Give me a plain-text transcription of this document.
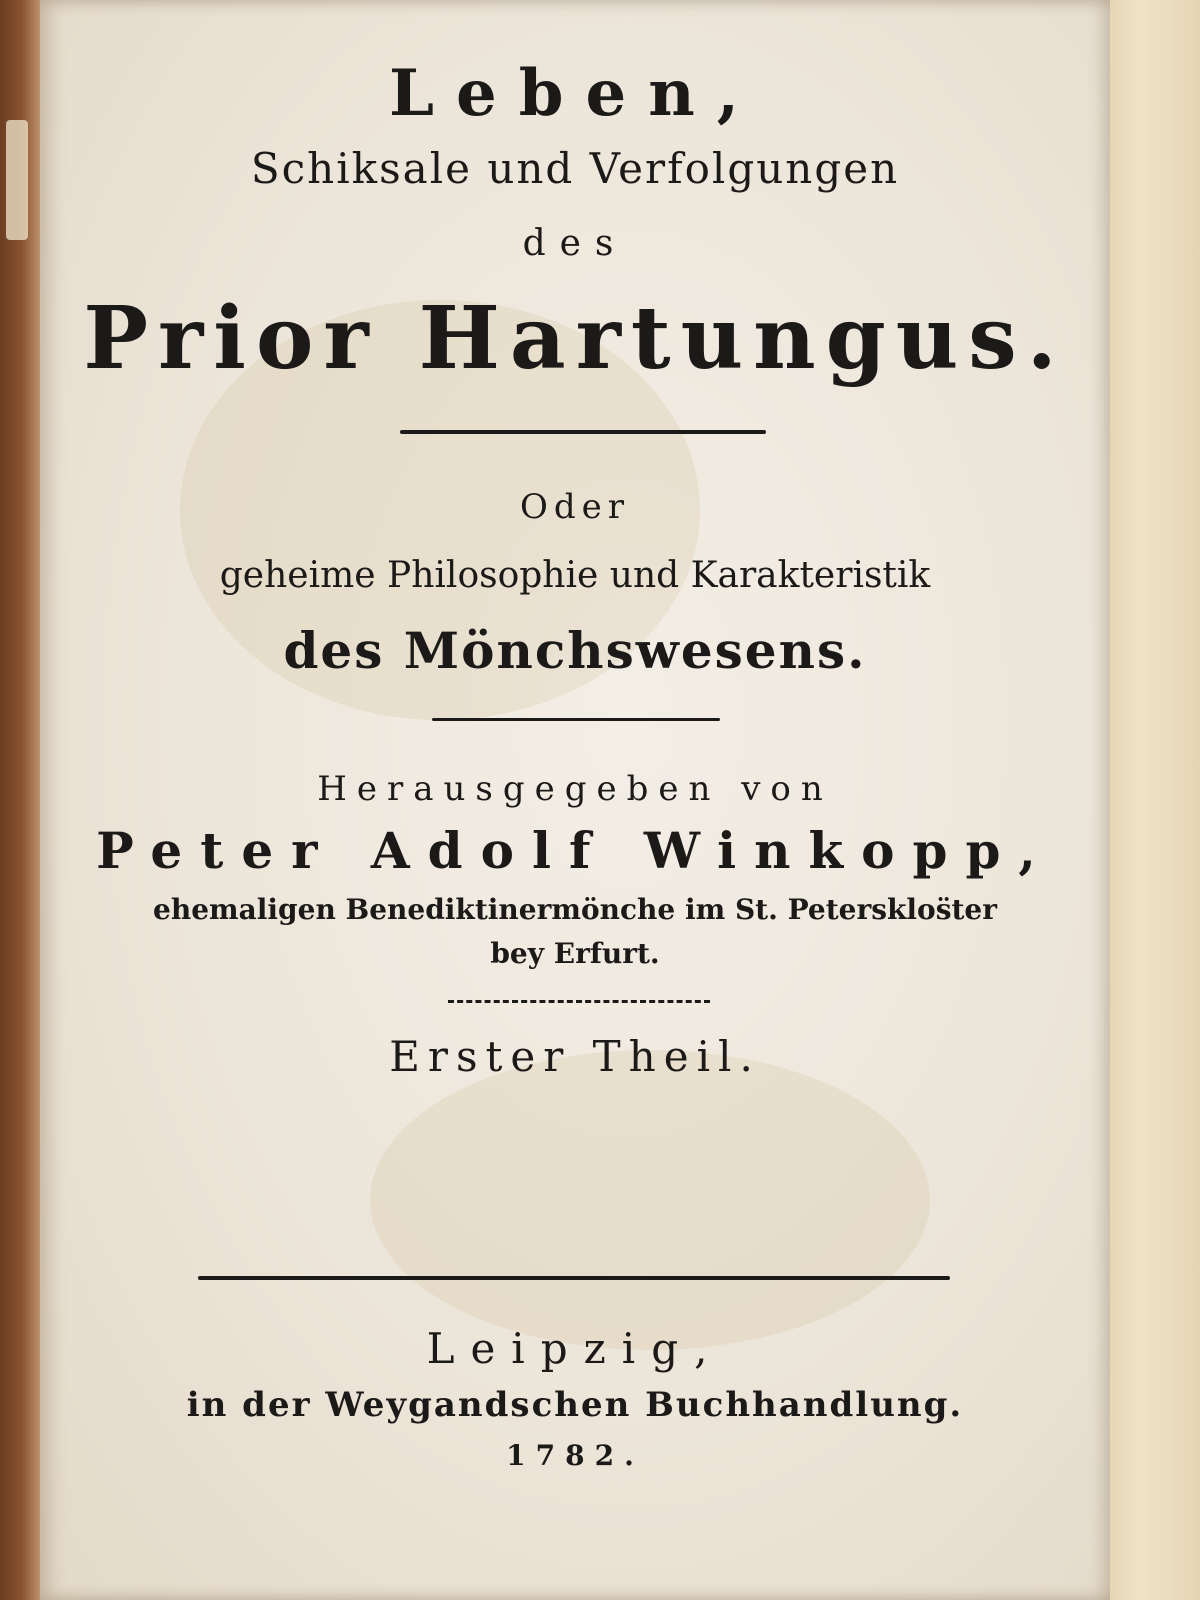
Leben,
Schiksale und Verfolgungen
des
Prior Hartungus.
Oder
geheime Philosophie und Karakteristik
des Mönchswesens.
Herausgegeben von
Peter Adolf Winkopp,
ehemaligen Benediktinermönche im St. Petersklos̈ter
bey Erfurt.
Erster Theil.
Leipzig,
in der Weygandschen Buchhandlung.
1782.
